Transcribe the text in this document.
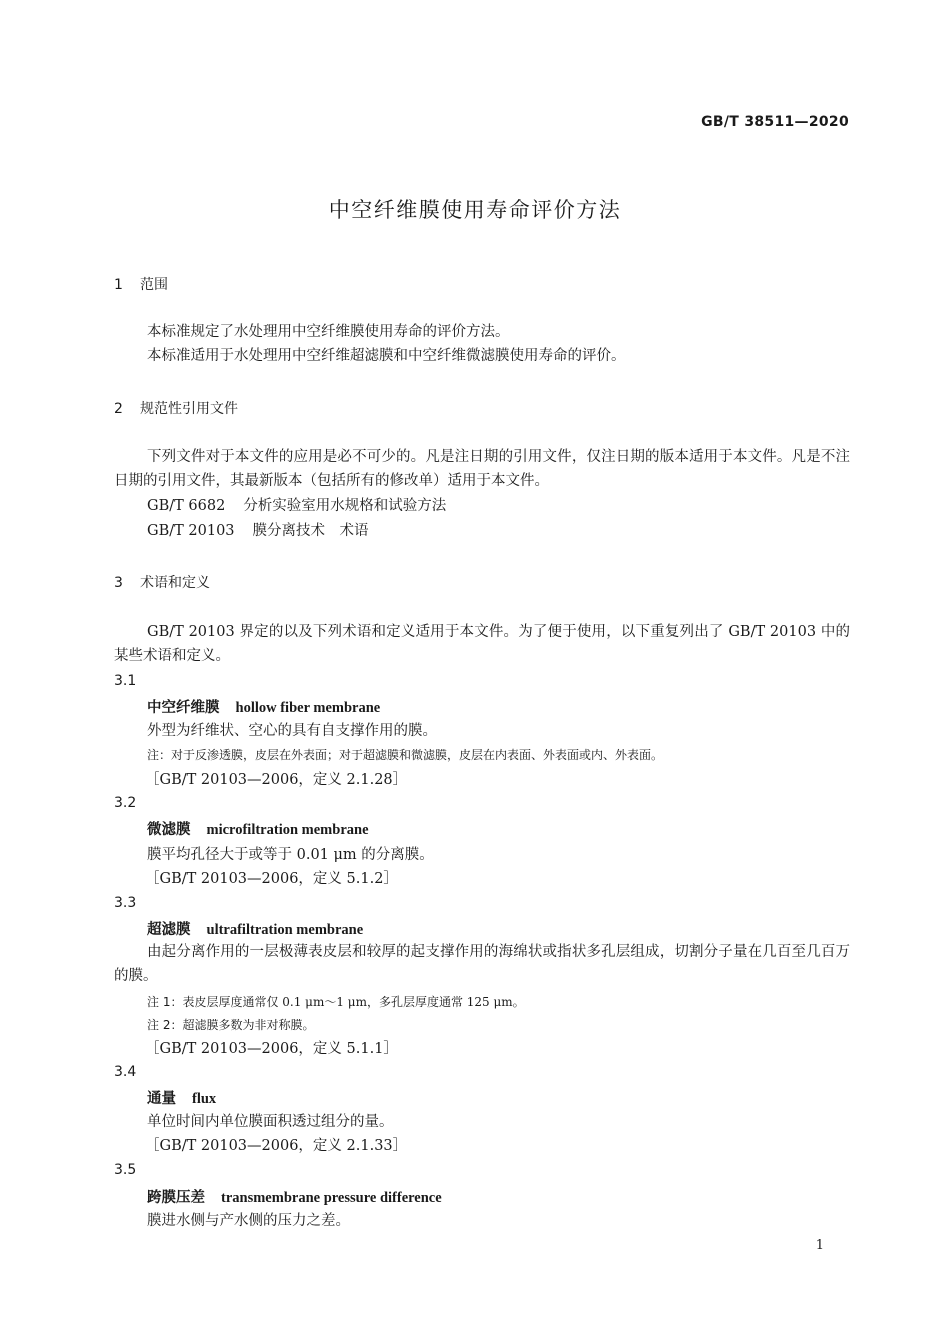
GB/T 38511—2020
中空纤维膜使用寿命评价方法
1 范围
本标准规定了水处理用中空纤维膜使用寿命的评价方法。
本标准适用于水处理用中空纤维超滤膜和中空纤维微滤膜使用寿命的评价。
2 规范性引用文件
下列文件对于本文件的应用是必不可少的。凡是注日期的引用文件，仅注日期的版本适用于本文件。凡是不注日期的引用文件，其最新版本（包括所有的修改单）适用于本文件。
GB/T 6682 分析实验室用水规格和试验方法
GB/T 20103 膜分离技术　术语
3 术语和定义
GB/T 20103 界定的以及下列术语和定义适用于本文件。为了便于使用，以下重复列出了 GB/T 20103 中的某些术语和定义。
3.1
中空纤维膜 hollow fiber membrane
外型为纤维状、空心的具有自支撑作用的膜。
注：对于反渗透膜，皮层在外表面；对于超滤膜和微滤膜，皮层在内表面、外表面或内、外表面。
［GB/T 20103—2006，定义 2.1.28］
3.2
微滤膜 microfiltration membrane
膜平均孔径大于或等于 0.01 μm 的分离膜。
［GB/T 20103—2006，定义 5.1.2］
3.3
超滤膜 ultrafiltration membrane
由起分离作用的一层极薄表皮层和较厚的起支撑作用的海绵状或指状多孔层组成，切割分子量在几百至几百万的膜。
注 1：表皮层厚度通常仅 0.1 μm～1 μm，多孔层厚度通常 125 μm。
注 2：超滤膜多数为非对称膜。
［GB/T 20103—2006，定义 5.1.1］
3.4
通量 flux
单位时间内单位膜面积透过组分的量。
［GB/T 20103—2006，定义 2.1.33］
3.5
跨膜压差 transmembrane pressure difference
膜进水侧与产水侧的压力之差。
1
